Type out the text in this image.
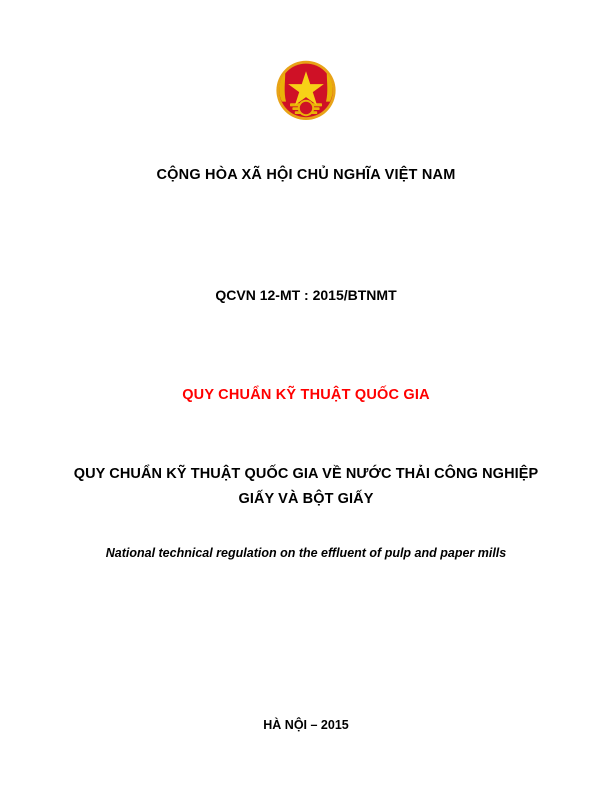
CỘNG HÒA XÃ HỘI CHỦ NGHĨA VIỆT NAM
QCVN 12-MT : 2015/BTNMT
QUY CHUẨN KỸ THUẬT QUỐC GIA
QUY CHUẨN KỸ THUẬT QUỐC GIA VỀ NƯỚC THẢI CÔNG NGHIỆP GIẤY VÀ BỘT GIẤY
National technical regulation on the effluent of pulp and paper mills
HÀ NỘI – 2015
